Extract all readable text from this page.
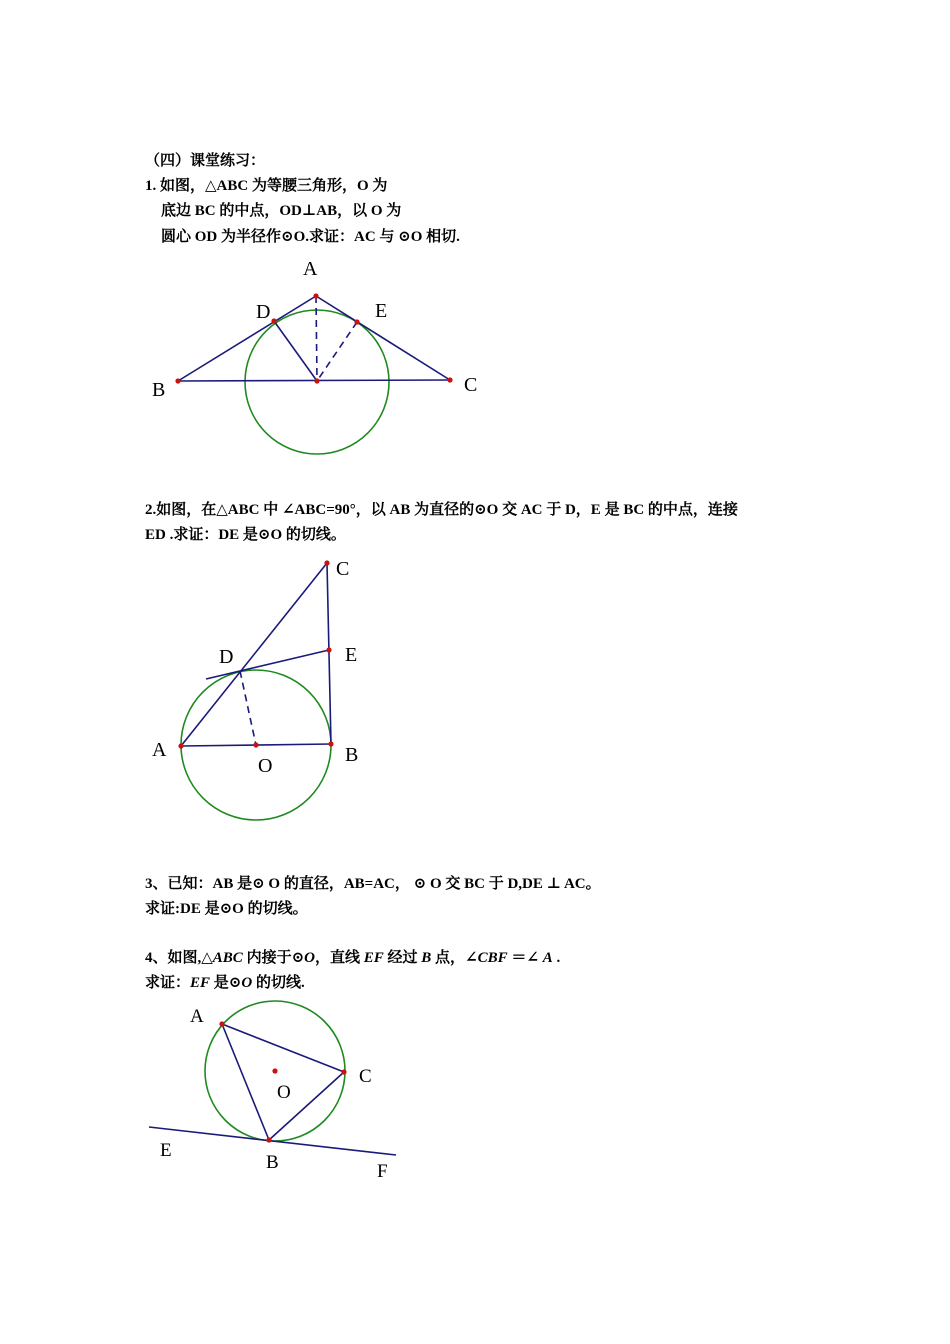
（四）课堂练习：
1. 如图，△ABC 为等腰三角形，O 为
底边 BC 的中点，OD⊥AB，以 O 为
圆心 OD 为半径作⊙O.求证：AC 与 ⊙O 相切.
2.如图，在△ABC 中 ∠ABC=90°，以 AB 为直径的⊙O 交 AC 于 D，E 是 BC 的中点，连接
ED .求证：DE 是⊙O 的切线。
3、已知：AB 是⊙ O 的直径，AB=AC， ⊙ O 交 BC 于 D,DE ⊥ AC。
求证:DE 是⊙O 的切线。
4、如图,△ABC 内接于⊙O，直线 EF 经过 B 点，∠CBF ＝∠ A .
求证：EF 是⊙O 的切线.
A
D	E
B	C
C
D	E
A
O	B
A
O
C
E
B	F
